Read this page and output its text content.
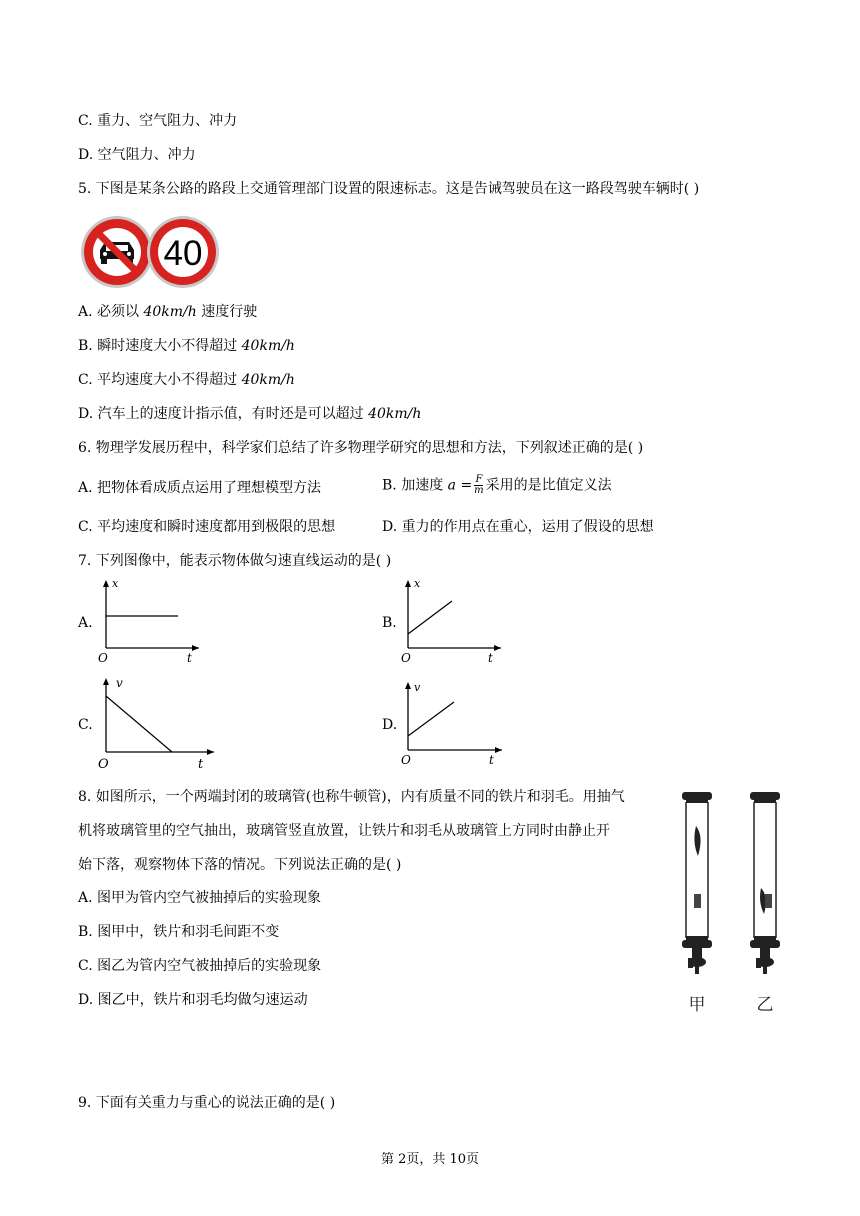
C. 重力、空气阻力、冲力
D. 空气阻力、冲力
5. 下图是某条公路的路段上交通管理部门设置的限速标志。这是告诫驾驶员在这一路段驾驶车辆时( )
40
A. 必须以 40km/h 速度行驶
B. 瞬时速度大小不得超过 40km/h
C. 平均速度大小不得超过 40km/h
D. 汽车上的速度计指示值，有时还是可以超过 40km/h
6. 物理学发展历程中，科学家们总结了许多物理学研究的思想和方法，下列叙述正确的是( )
A. 把物体看成质点运用了理想模型方法	B. 加速度 $a = \frac{F}{m}$ 采用的是比值定义法
C. 平均速度和瞬时速度都用到极限的思想	D. 重力的作用点在重心，运用了假设的思想
7. 下列图像中，能表示物体做匀速直线运动的是( )
A.
x
t
O
B.
x
t
O
C.
v
t
O
D.
v
t
O
8. 如图所示，一个两端封闭的玻璃管(也称牛顿管)，内有质量不同的铁片和羽毛。用抽气
机将玻璃管里的空气抽出，玻璃管竖直放置，让铁片和羽毛从玻璃管上方同时由静止开
始下落，观察物体下落的情况。下列说法正确的是( )
A. 图甲为管内空气被抽掉后的实验现象
B. 图甲中，铁片和羽毛间距不变
C. 图乙为管内空气被抽掉后的实验现象
D. 图乙中，铁片和羽毛均做匀速运动	甲	乙
9. 下面有关重力与重心的说法正确的是( )
第 2页，共 10页
